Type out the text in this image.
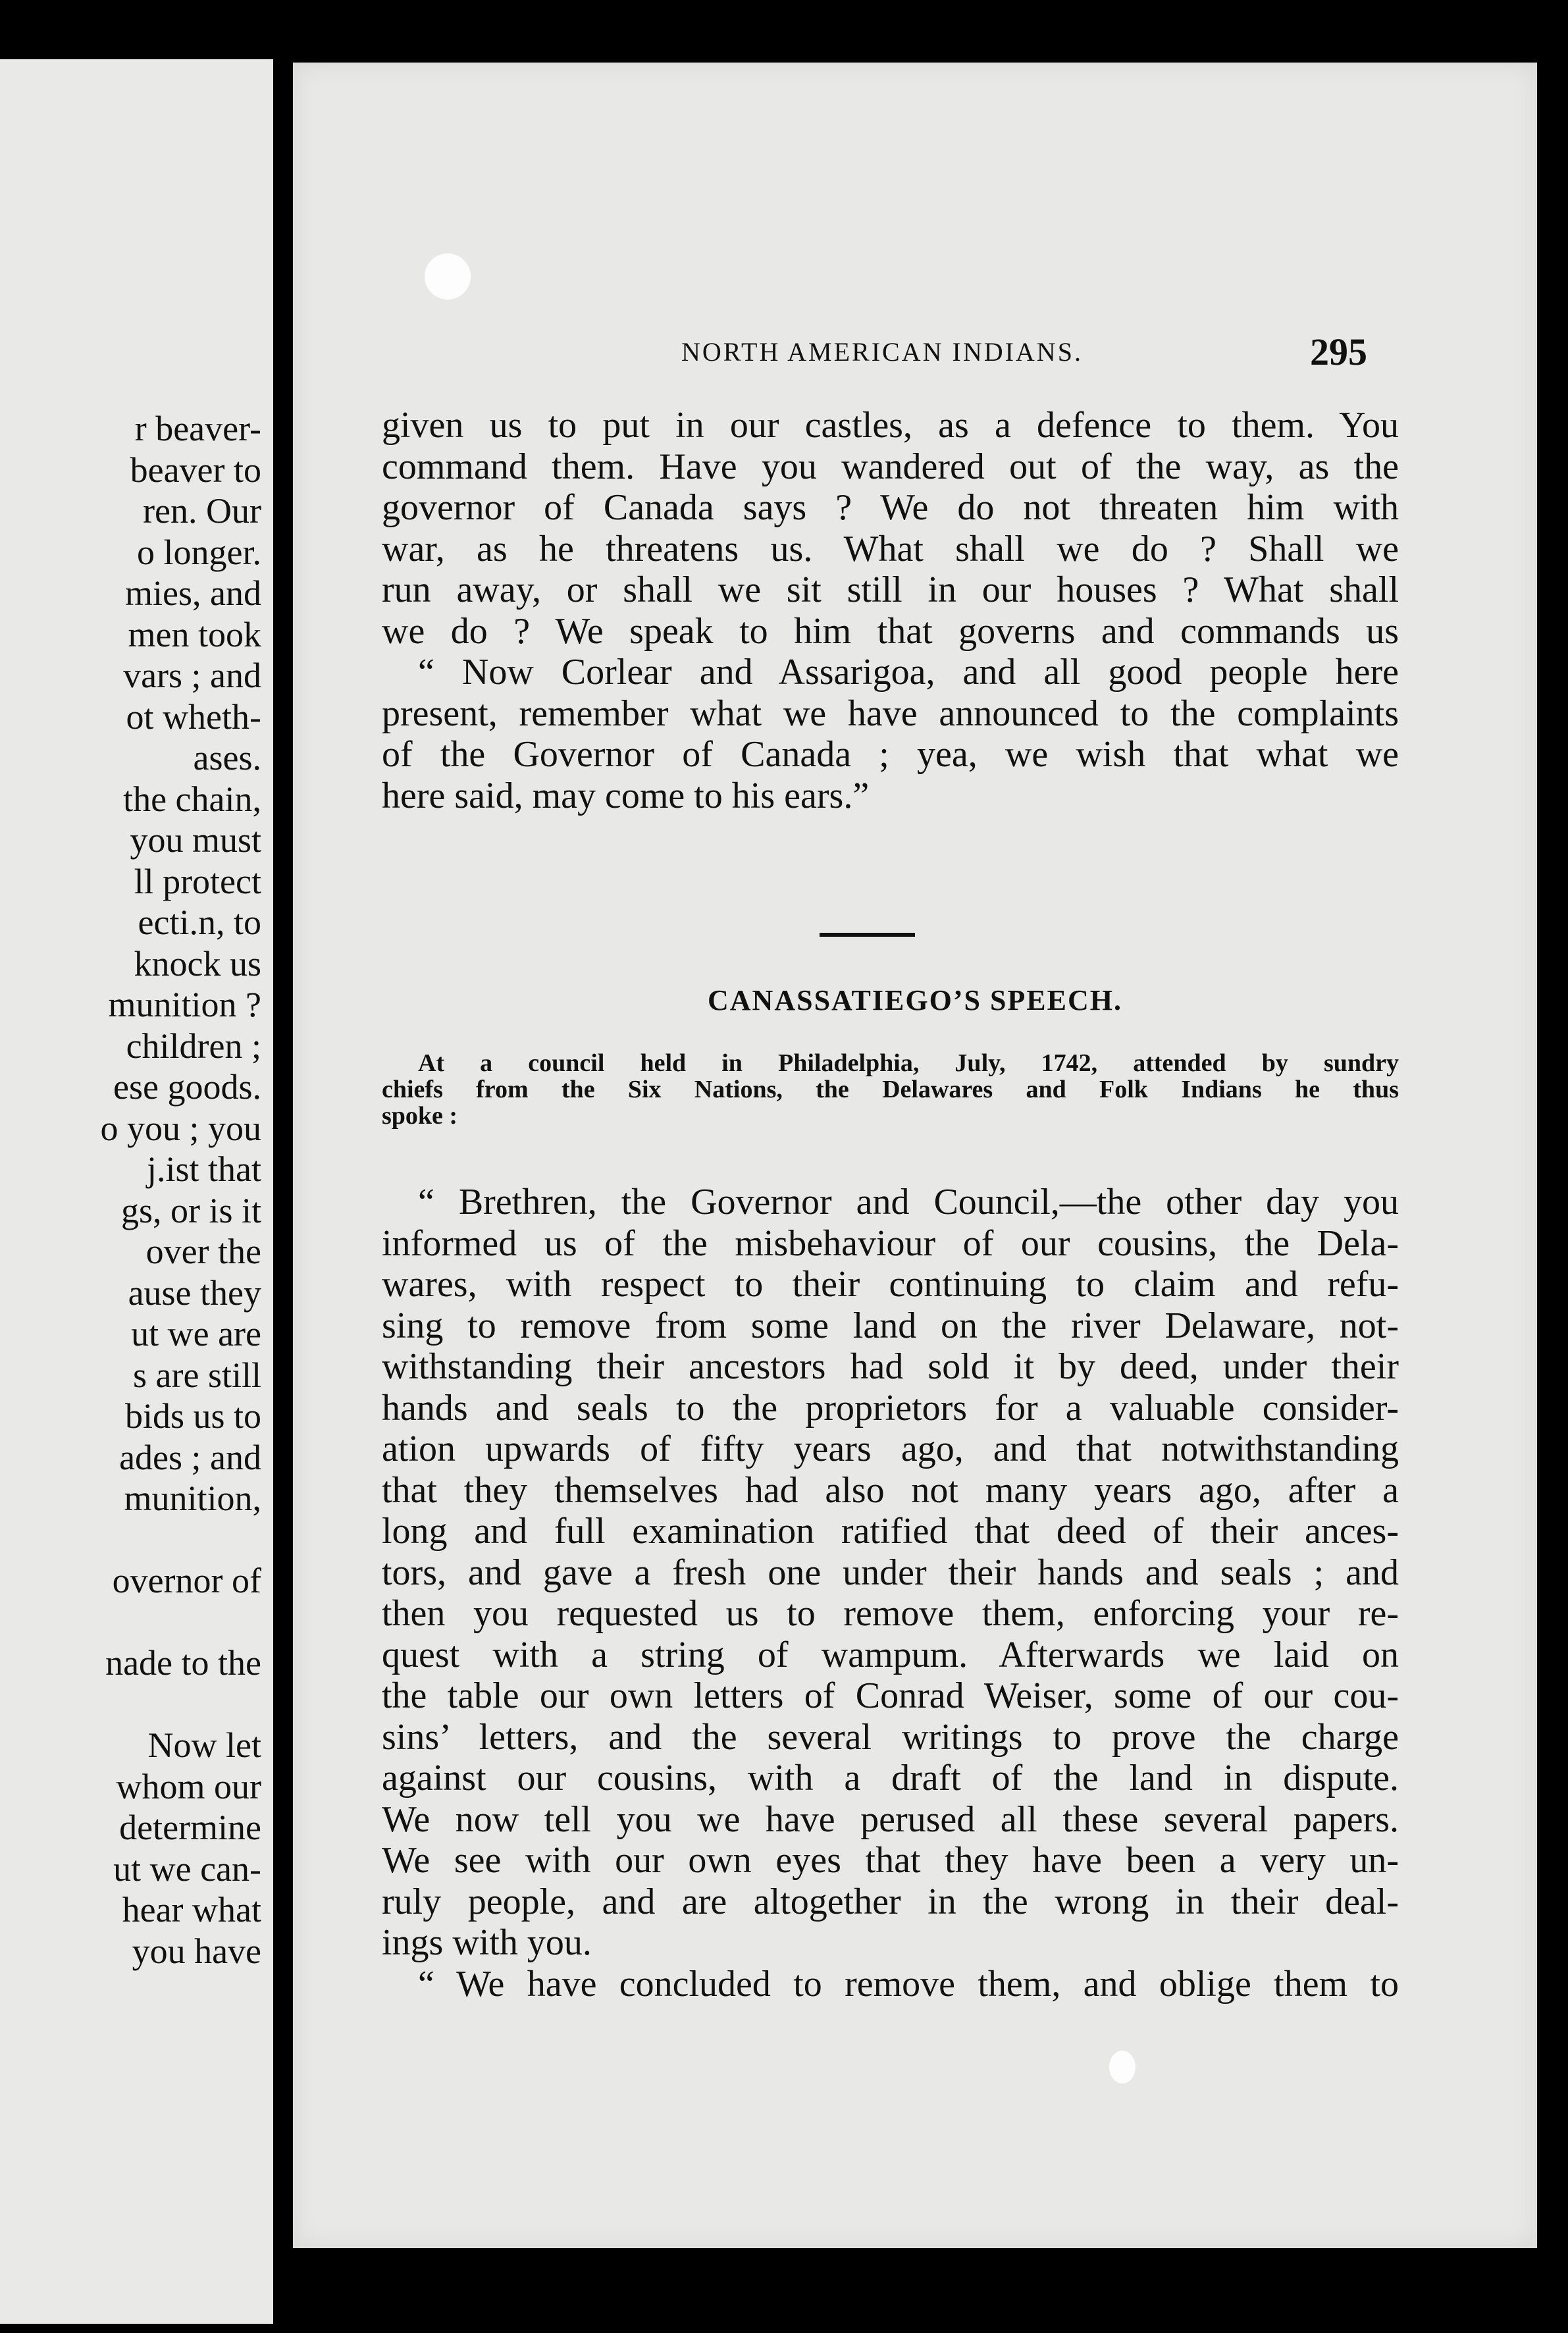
r beaver-
beaver to
ren. Our
o longer.
mies, and
men took
vars ; and
ot wheth-
ases.
the chain,
you must
ll protect
ecti.n, to
knock us
munition ?
children ;
ese goods.
o you ; you
j.ist that
gs, or is it
over the
ause they
ut we are
s are still
bids us to
ades ; and
munition,
overnor of
nade to the
Now let
whom our
determine
ut we can-
hear what
you have
NORTH AMERICAN INDIANS.	295
given us to put in our castles, as a defence to them. You
command them. Have you wandered out of the way, as the
governor of Canada says ? We do not threaten him with
war, as he threatens us. What shall we do ? Shall we
run away, or shall we sit still in our houses ? What shall
we do ? We speak to him that governs and commands us
“ Now Corlear and Assarigoa, and all good people here
present, remember what we have announced to the complaints
of the Governor of Canada ; yea, we wish that what we
here said, may come to his ears.”
CANASSATIEGO’S SPEECH.
At a council held in Philadelphia, July, 1742, attended by sundry
chiefs from the Six Nations, the Delawares and Folk Indians he thus
spoke :
“ Brethren, the Governor and Council,—the other day you
informed us of the misbehaviour of our cousins, the Dela-
wares, with respect to their continuing to claim and refu-
sing to remove from some land on the river Delaware, not-
withstanding their ancestors had sold it by deed, under their
hands and seals to the proprietors for a valuable consider-
ation upwards of fifty years ago, and that notwithstanding
that they themselves had also not many years ago, after a
long and full examination ratified that deed of their ances-
tors, and gave a fresh one under their hands and seals ; and
then you requested us to remove them, enforcing your re-
quest with a string of wampum. Afterwards we laid on
the table our own letters of Conrad Weiser, some of our cou-
sins’ letters, and the several writings to prove the charge
against our cousins, with a draft of the land in dispute.
We now tell you we have perused all these several papers.
We see with our own eyes that they have been a very un-
ruly people, and are altogether in the wrong in their deal-
ings with you.
“ We have concluded to remove them, and oblige them to
